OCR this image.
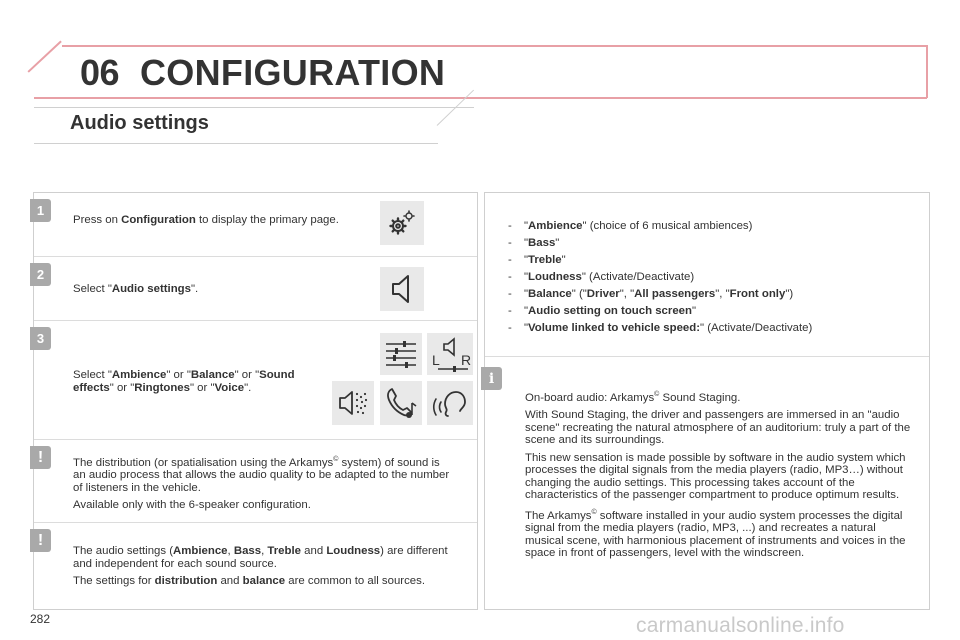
06 CONFIGURATION
Audio settings
1
Press on Configuration to display the primary page.
2
Select "Audio settings".
3
Select "Ambience" or "Balance" or "Sound effects" or "Ringtones" or "Voice".
L R
!	The distribution (or spatialisation using the Arkamys© system) of sound is an audio process that allows the audio quality to be adapted to the number of listeners in the vehicle.

Available only with the 6-speaker configuration.

!

The audio settings (Ambience, Bass, Treble and Loudness) are different and independent for each sound source.

The settings for distribution and balance are common to all sources.

- "Ambience" (choice of 6 musical ambiences)
- "Bass"
- "Treble"
- "Loudness" (Activate/Deactivate)
- "Balance" ("Driver", "All passengers", "Front only")
- "Audio setting on touch screen"
- "Volume linked to vehicle speed:" (Activate/Deactivate)
i

On-board audio: Arkamys© Sound Staging.

With Sound Staging, the driver and passengers are immersed in an "audio scene" recreating the natural atmosphere of an auditorium: truly a part of the scene and its surroundings.

This new sensation is made possible by software in the audio system which processes the digital signals from the media players (radio, MP3…) without changing the audio settings. This processing takes account of the characteristics of the passenger compartment to produce optimum results.

The Arkamys© software installed in your audio system processes the digital signal from the media players (radio, MP3, ...) and recreates a natural musical scene, with harmonious placement of instruments and voices in the space in front of passengers, level with the windscreen.

282	carmanualsonline.info
